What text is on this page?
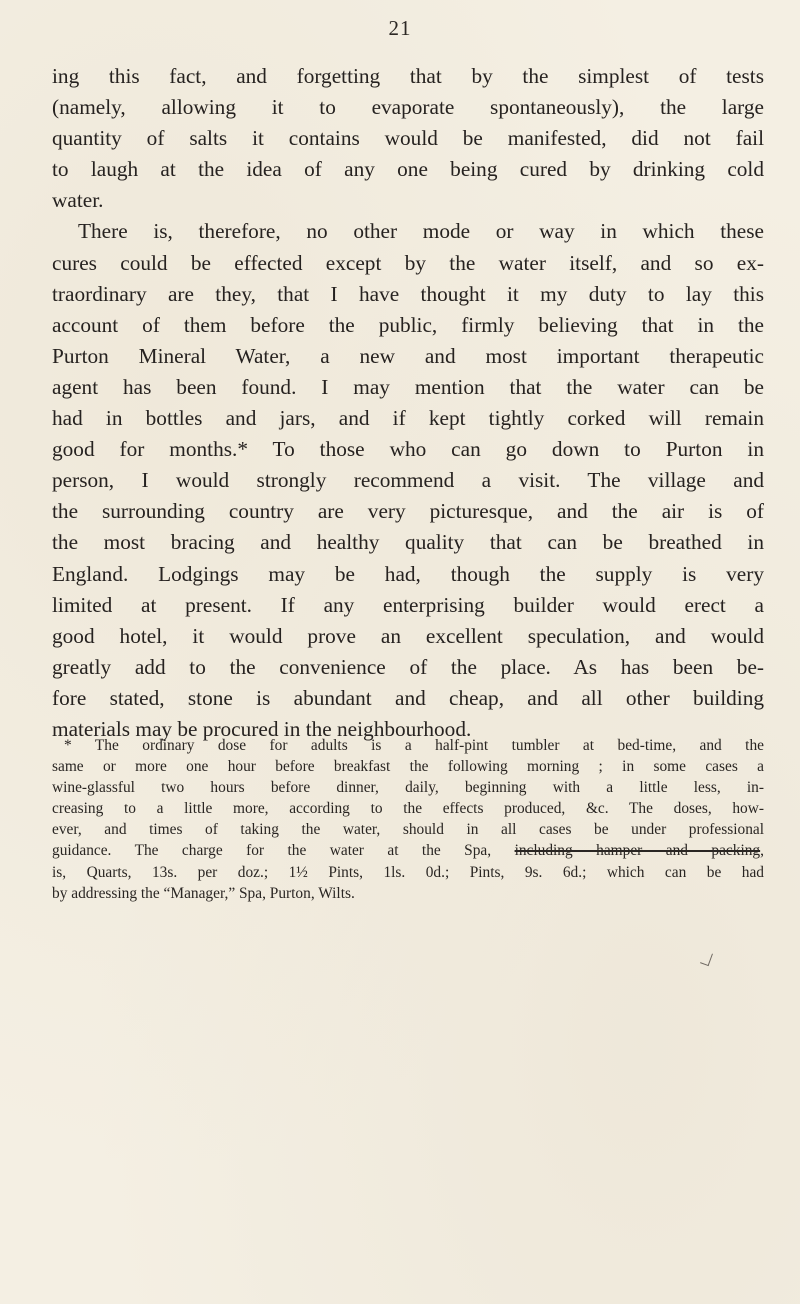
21
ing this fact, and forgetting that by the simplest of tests
(namely, allowing it to evaporate spontaneously), the large
quantity of salts it contains would be manifested, did not fail
to laugh at the idea of any one being cured by drinking cold
water.
There is, therefore, no other mode or way in which these
cures could be effected except by the water itself, and so ex-
traordinary are they, that I have thought it my duty to lay this
account of them before the public, firmly believing that in the
Purton Mineral Water, a new and most important therapeutic
agent has been found. I may mention that the water can be
had in bottles and jars, and if kept tightly corked will remain
good for months.* To those who can go down to Purton in
person, I would strongly recommend a visit. The village and
the surrounding country are very picturesque, and the air is of
the most bracing and healthy quality that can be breathed in
England. Lodgings may be had, though the supply is very
limited at present. If any enterprising builder would erect a
good hotel, it would prove an excellent speculation, and would
greatly add to the convenience of the place. As has been be-
fore stated, stone is abundant and cheap, and all other building
materials may be procured in the neighbourhood.
* The ordinary dose for adults is a half-pint tumbler at bed-time, and the
same or more one hour before breakfast the following morning ; in some cases a
wine-glassful two hours before dinner, daily, beginning with a little less, in-
creasing to a little more, according to the effects produced, &c. The doses, how-
ever, and times of taking the water, should in all cases be under professional
guidance. The charge for the water at the Spa, including hamper and packing,
is, Quarts, 13s. per doz.; 1½ Pints, 1ls. 0d.; Pints, 9s. 6d.; which can be had
by addressing the “Manager,” Spa, Purton, Wilts.
